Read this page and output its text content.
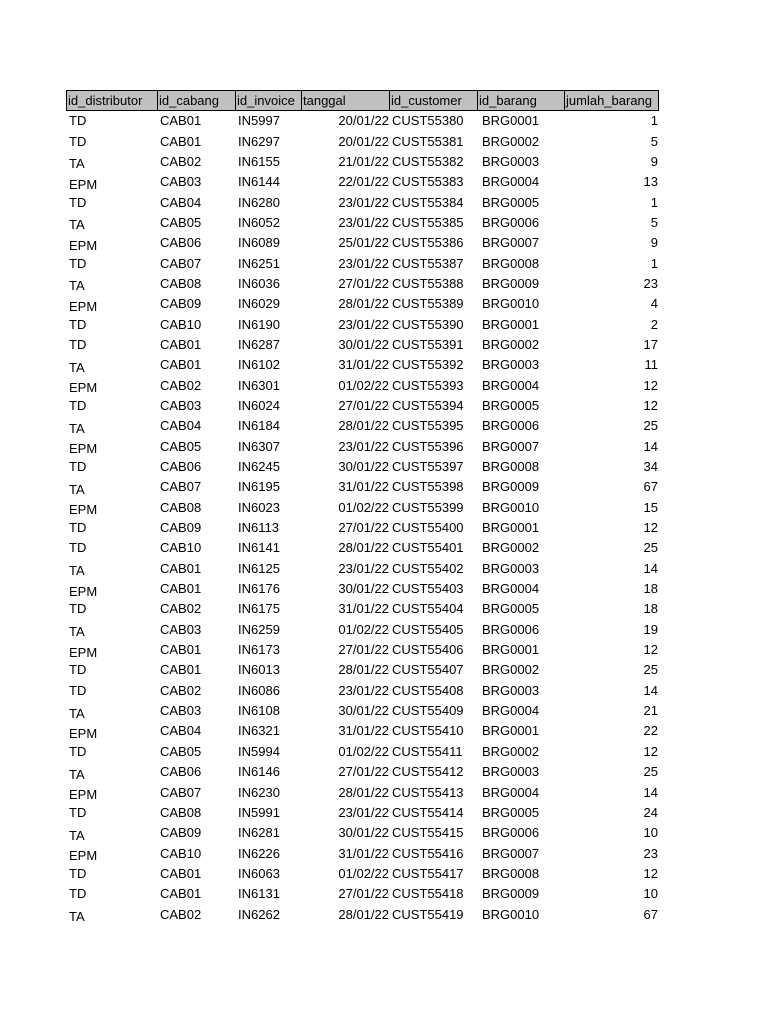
id_distributor	id_cabang	id_invoice tanggal	id_customer	id_barang	jumlah_barang
TD	CAB01	IN5997	20/01/22 CUST55380	BRG0001	1
TD	CAB01	IN6297	20/01/22 CUST55381	BRG0002	5
TA	CAB02	IN6155	21/01/22 CUST55382	BRG0003	9
EPM	CAB03	IN6144	22/01/22 CUST55383	BRG0004	13
TD	CAB04	IN6280	23/01/22 CUST55384	BRG0005	1
TA	CAB05	IN6052	23/01/22 CUST55385	BRG0006	5
EPM	CAB06	IN6089	25/01/22 CUST55386	BRG0007	9
TD	CAB07	IN6251	23/01/22 CUST55387	BRG0008	1
TA	CAB08	IN6036	27/01/22 CUST55388	BRG0009	23
EPM	CAB09	IN6029	28/01/22 CUST55389	BRG0010	4
TD	CAB10	IN6190	23/01/22 CUST55390	BRG0001	2
TD	CAB01	IN6287	30/01/22 CUST55391	BRG0002	17
TA	CAB01	IN6102	31/01/22 CUST55392	BRG0003	11
EPM	CAB02	IN6301	01/02/22 CUST55393	BRG0004	12
TD	CAB03	IN6024	27/01/22 CUST55394	BRG0005	12
TA	CAB04	IN6184	28/01/22 CUST55395	BRG0006	25
EPM	CAB05	IN6307	23/01/22 CUST55396	BRG0007	14
TD	CAB06	IN6245	30/01/22 CUST55397	BRG0008	34
TA	CAB07	IN6195	31/01/22 CUST55398	BRG0009	67
EPM	CAB08	IN6023	01/02/22 CUST55399	BRG0010	15
TD	CAB09	IN6113	27/01/22 CUST55400	BRG0001	12
TD	CAB10	IN6141	28/01/22 CUST55401	BRG0002	25
TA	CAB01	IN6125	23/01/22 CUST55402	BRG0003	14
EPM	CAB01	IN6176	30/01/22 CUST55403	BRG0004	18
TD	CAB02	IN6175	31/01/22 CUST55404	BRG0005	18
TA	CAB03	IN6259	01/02/22 CUST55405	BRG0006	19
EPM	CAB01	IN6173	27/01/22 CUST55406	BRG0001	12
TD	CAB01	IN6013	28/01/22 CUST55407	BRG0002	25
TD	CAB02	IN6086	23/01/22 CUST55408	BRG0003	14
TA	CAB03	IN6108	30/01/22 CUST55409	BRG0004	21
EPM	CAB04	IN6321	31/01/22 CUST55410	BRG0001	22
TD	CAB05	IN5994	01/02/22 CUST55411	BRG0002	12
TA	CAB06	IN6146	27/01/22 CUST55412	BRG0003	25
EPM	CAB07	IN6230	28/01/22 CUST55413	BRG0004	14
TD	CAB08	IN5991	23/01/22 CUST55414	BRG0005	24
TA	CAB09	IN6281	30/01/22 CUST55415	BRG0006	10
EPM	CAB10	IN6226	31/01/22 CUST55416	BRG0007	23
TD	CAB01	IN6063	01/02/22 CUST55417	BRG0008	12
TD	CAB01	IN6131	27/01/22 CUST55418	BRG0009	10
TA	CAB02	IN6262	28/01/22 CUST55419	BRG0010	67
